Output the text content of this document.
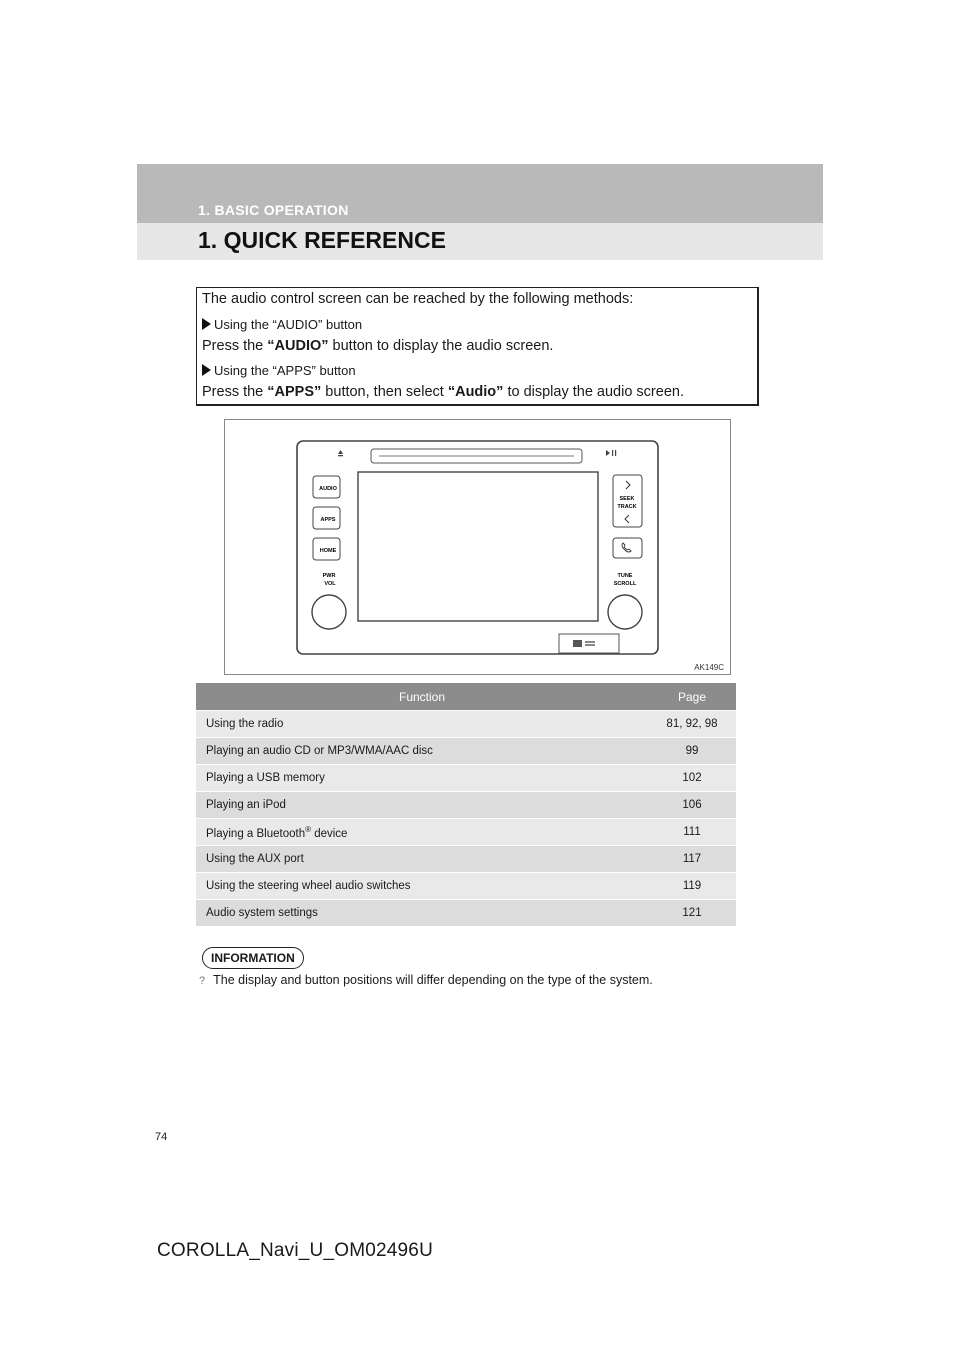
1. BASIC OPERATION
1. QUICK REFERENCE
The audio control screen can be reached by the following methods:
Using the “AUDIO” button
Press the “AUDIO” button to display the audio screen.
Using the “APPS” button
Press the “APPS” button, then select “Audio” to display the audio screen.
AUDIO
APPS
HOME
PWR
VOL
SEEK
TRACK
TUNE
SCROLL
AK149C
Function	Page
Using the radio	81, 92, 98
Playing an audio CD or MP3/WMA/AAC disc	99
Playing a USB memory	102
Playing an iPod	106
Playing a Bluetooth® device	111
Using the AUX port	117
Using the steering wheel audio switches	119
Audio system settings	121
INFORMATION
? The display and button positions will differ depending on the type of the system.
74
COROLLA_Navi_U_OM02496U
